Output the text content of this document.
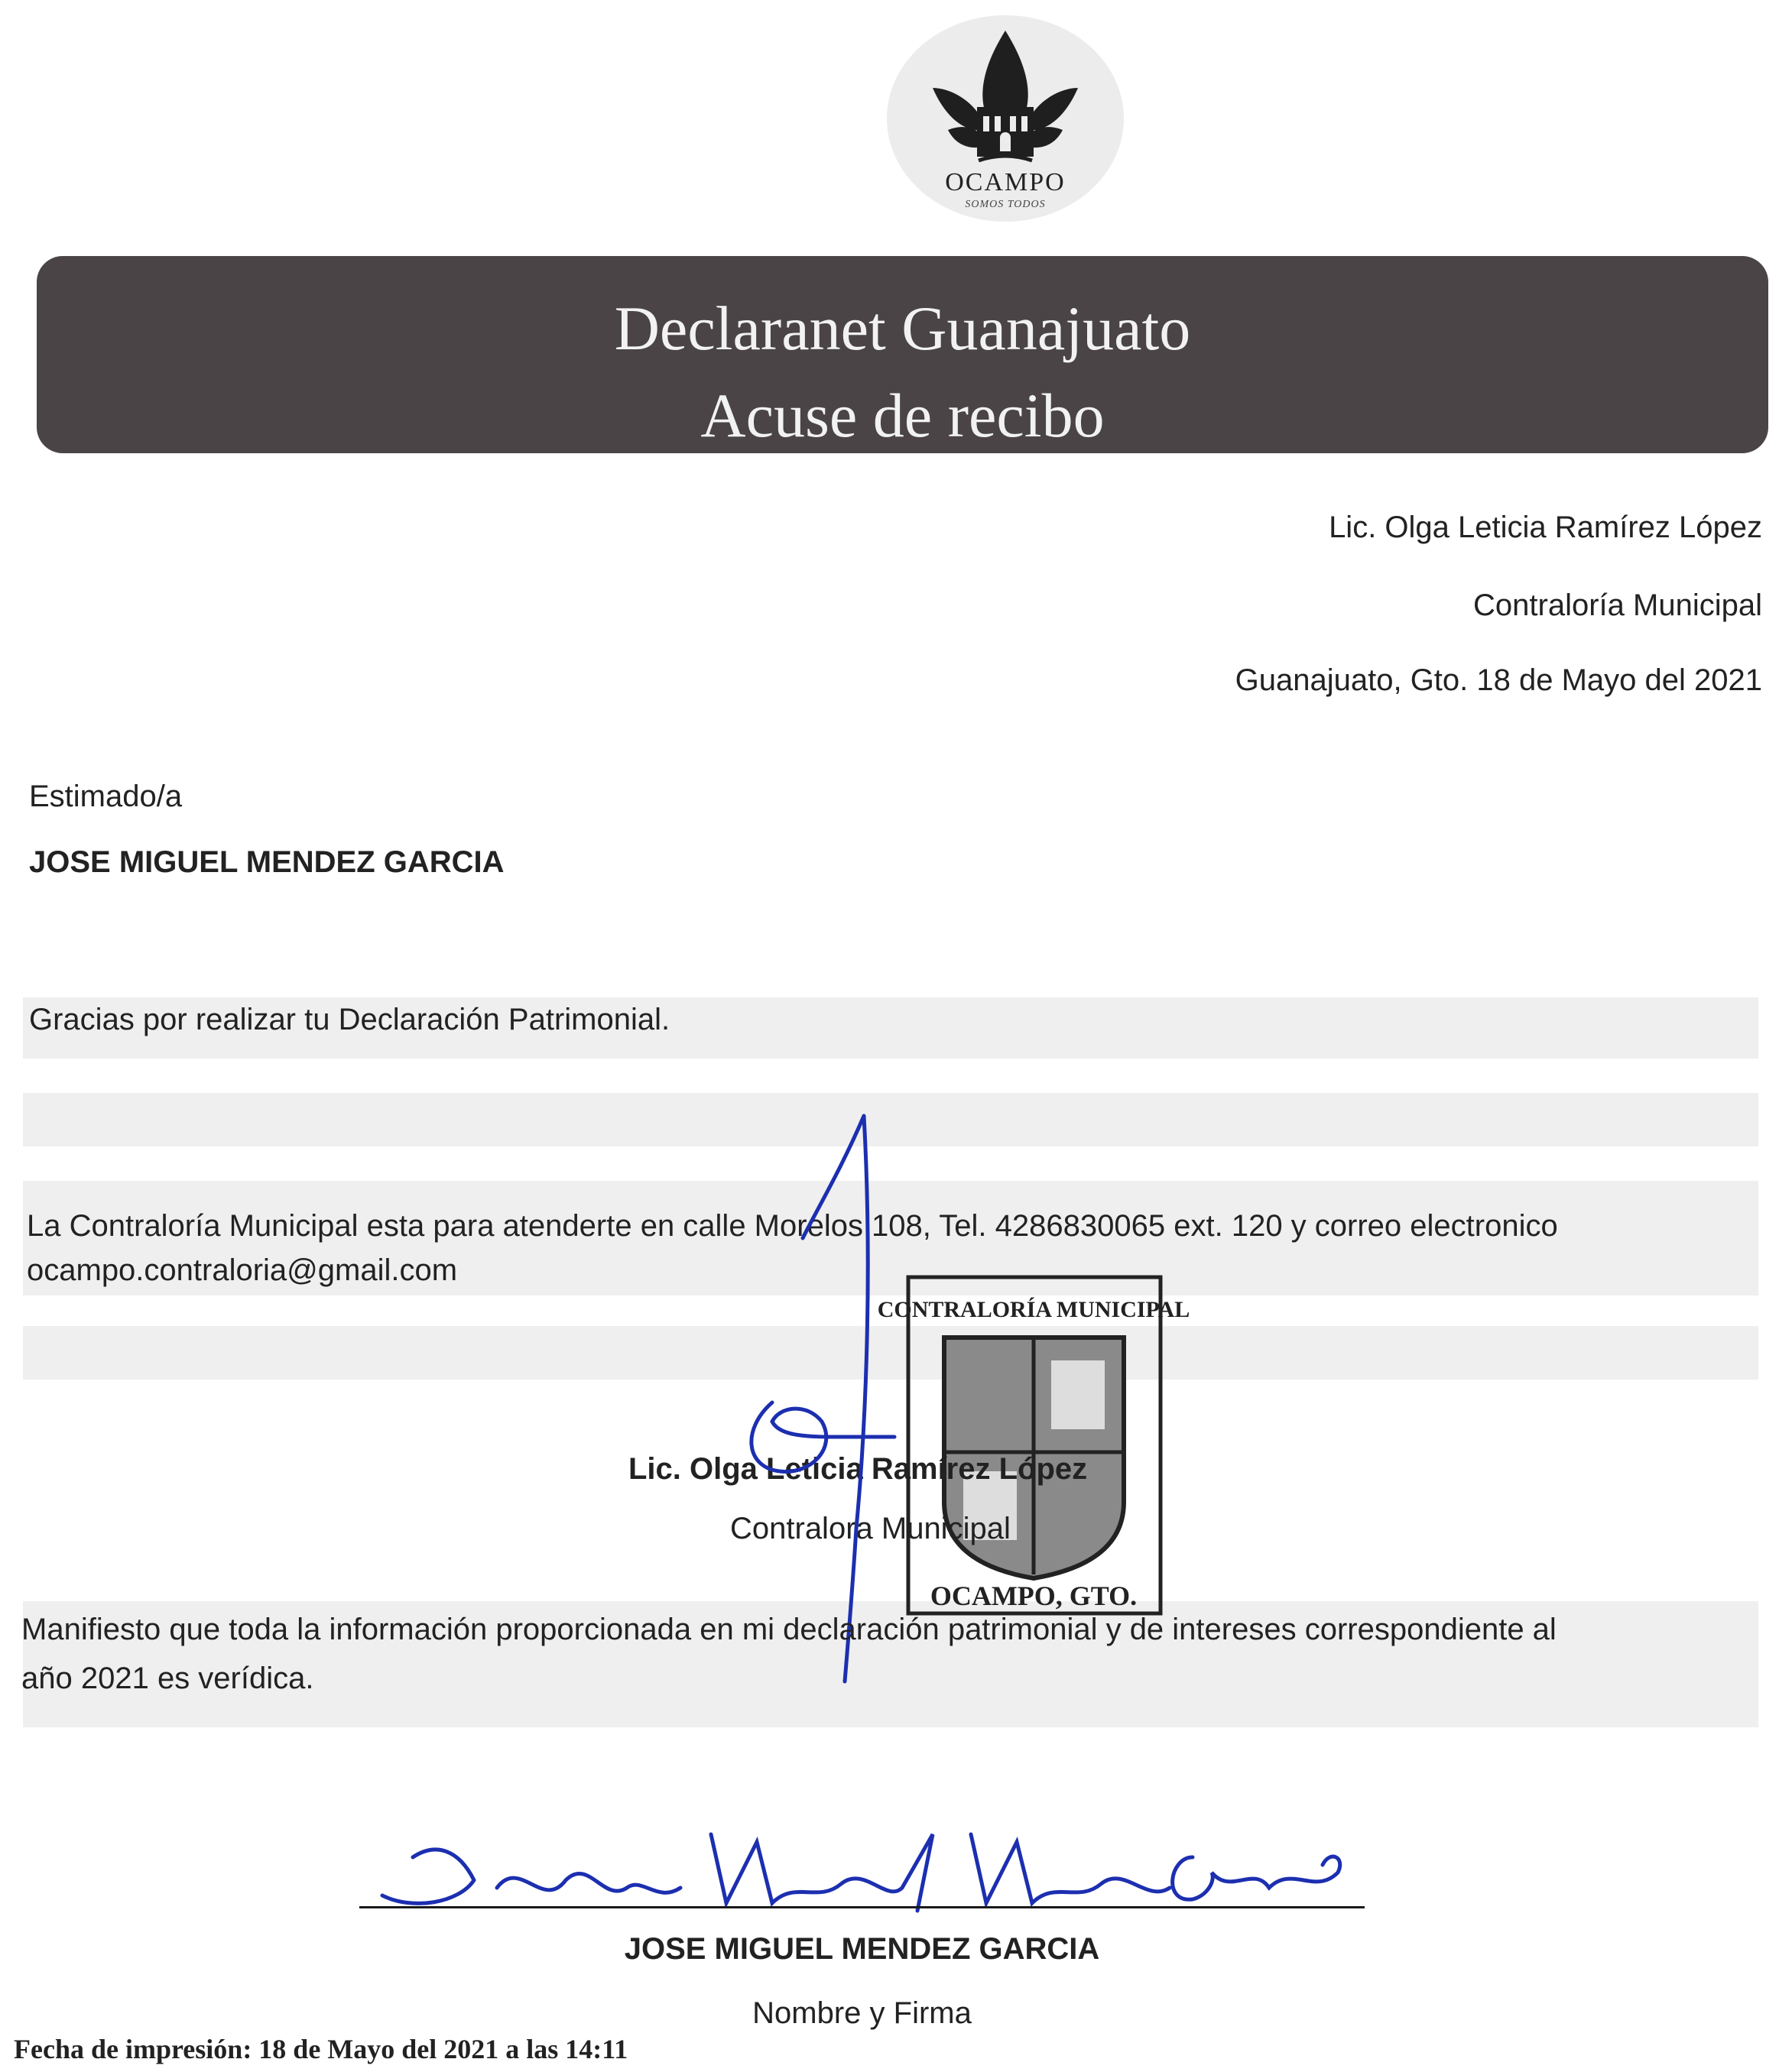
OCAMPO
SOMOS TODOS
Declaranet Guanajuato
Acuse de recibo
Lic. Olga Leticia Ramírez López
Contraloría Municipal
Guanajuato, Gto. 18 de Mayo del 2021
Estimado/a
JOSE MIGUEL MENDEZ GARCIA
Gracias por realizar tu Declaración Patrimonial.
La Contraloría Municipal esta para atenderte en calle Morelos 108, Tel. 4286830065 ext. 120 y correo electronico
ocampo.contraloria@gmail.com
CONTRALORÍA MUNICIPAL
OCAMPO, GTO.
Lic. Olga Leticia Ramírez López
Contralora Municipal
Manifiesto que toda la información proporcionada en mi declaración patrimonial y de intereses correspondiente al
año 2021 es verídica.
JOSE MIGUEL MENDEZ GARCIA
Nombre y Firma
Fecha de impresión: 18 de Mayo del 2021 a las 14:11
